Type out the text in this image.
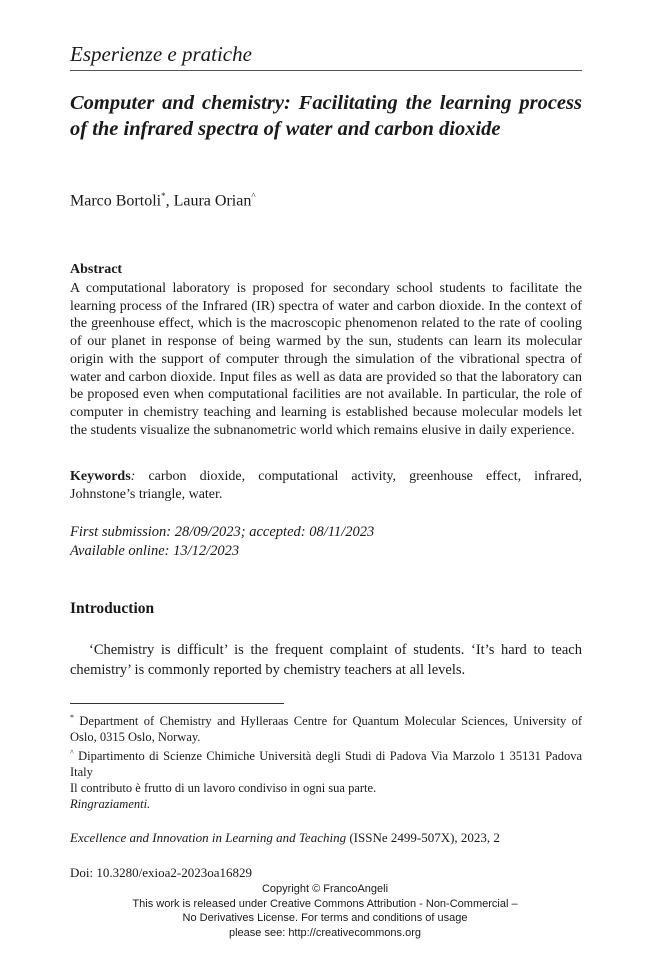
Esperienze e pratiche
Computer and chemistry: Facilitating the learning process of the infrared spectra of water and carbon dioxide
Marco Bortoli*, Laura Orian^
Abstract

A computational laboratory is proposed for secondary school students to facilitate the learning process of the Infrared (IR) spectra of water and carbon dioxide. In the context of the greenhouse effect, which is the macroscopic phenomenon related to the rate of cooling of our planet in response of being warmed by the sun, students can learn its molecular origin with the support of computer through the simulation of the vibrational spectra of water and carbon dioxide. Input files as well as data are provided so that the laboratory can be proposed even when computational facilities are not available. In particular, the role of computer in chemistry teaching and learning is established because molecular models let the students visualize the subnanometric world which remains elusive in daily experience.

Keywords: carbon dioxide, computational activity, greenhouse effect, infrared, Johnstone’s triangle, water.

First submission: 28/09/2023; accepted: 08/11/2023
Available online: 13/12/2023
Introduction

‘Chemistry is difficult’ is the frequent complaint of students. ‘It’s hard to teach chemistry’ is commonly reported by chemistry teachers at all levels.

* Department of Chemistry and Hylleraas Centre for Quantum Molecular Sciences, University of Oslo, 0315 Oslo, Norway.

^ Dipartimento di Scienze Chimiche Università degli Studi di Padova Via Marzolo 1 35131 Padova Italy

Il contributo è frutto di un lavoro condiviso in ogni sua parte.

Ringraziamenti.

Excellence and Innovation in Learning and Teaching (ISSNe 2499-507X), 2023, 2
Doi: 10.3280/exioa2-2023oa16829
Copyright © FrancoAngeli
This work is released under Creative Commons Attribution - Non-Commercial –
No Derivatives License. For terms and conditions of usage
please see: http://creativecommons.org
